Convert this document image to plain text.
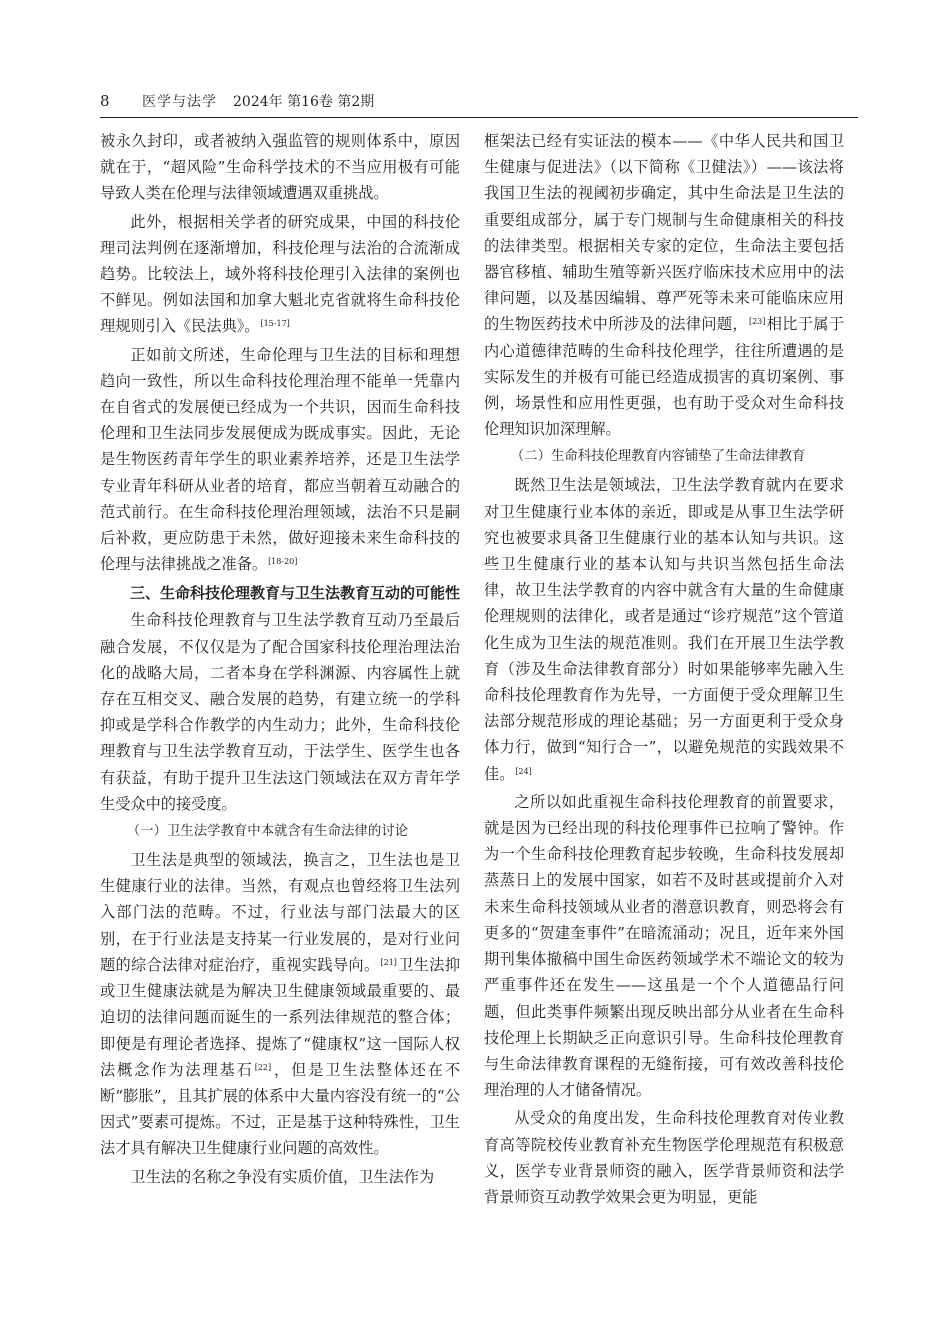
8 医学与法学 2024年 第16卷 第2期

被永久封印，或者被纳入强监管的规则体系中，原因就在于，“超风险”生命科学技术的不当应用极有可能导致人类在伦理与法律领域遭遇双重挑战。

此外，根据相关学者的研究成果，中国的科技伦理司法判例在逐渐增加，科技伦理与法治的合流渐成趋势。比较法上，域外将科技伦理引入法律的案例也不鲜见。例如法国和加拿大魁北克省就将生命科技伦理规则引入《民法典》。[15-17]

正如前文所述，生命伦理与卫生法的目标和理想趋向一致性，所以生命科技伦理治理不能单一凭靠内在自省式的发展便已经成为一个共识，因而生命科技伦理和卫生法同步发展便成为既成事实。因此，无论是生物医药青年学生的职业素养培养，还是卫生法学专业青年科研从业者的培育，都应当朝着互动融合的范式前行。在生命科技伦理治理领域，法治不只是嗣后补救，更应防患于未然，做好迎接未来生命科技的伦理与法律挑战之准备。[18-20]

三、生命科技伦理教育与卫生法教育互动的可能性

生命科技伦理教育与卫生法学教育互动乃至最后融合发展，不仅仅是为了配合国家科技伦理治理法治化的战略大局，二者本身在学科渊源、内容属性上就存在互相交叉、融合发展的趋势，有建立统一的学科抑或是学科合作教学的内生动力；此外，生命科技伦理教育与卫生法学教育互动，于法学生、医学生也各有获益，有助于提升卫生法这门领域法在双方青年学生受众中的接受度。

（一）卫生法学教育中本就含有生命法律的讨论

卫生法是典型的领域法，换言之，卫生法也是卫生健康行业的法律。当然，有观点也曾经将卫生法列入部门法的范畴。不过，行业法与部门法最大的区别，在于行业法是支持某一行业发展的，是对行业问题的综合法律对症治疗，重视实践导向。[21]卫生法抑或卫生健康法就是为解决卫生健康领域最重要的、最迫切的法律问题而诞生的一系列法律规范的整合体；即便是有理论者选择、提炼了“健康权”这一国际人权法概念作为法理基石[22]，但是卫生法整体还在不断“膨胀”，且其扩展的体系中大量内容没有统一的“公因式”要素可提炼。不过，正是基于这种特殊性，卫生法才具有解决卫生健康行业问题的高效性。

卫生法的名称之争没有实质价值，卫生法作为

框架法已经有实证法的模本——《中华人民共和国卫生健康与促进法》（以下简称《卫健法》）——该法将我国卫生法的视阈初步确定，其中生命法是卫生法的重要组成部分，属于专门规制与生命健康相关的科技的法律类型。根据相关专家的定位，生命法主要包括器官移植、辅助生殖等新兴医疗临床技术应用中的法律问题，以及基因编辑、尊严死等未来可能临床应用的生物医药技术中所涉及的法律问题，[23]相比于属于内心道德律范畴的生命科技伦理学，往往所遭遇的是实际发生的并极有可能已经造成损害的真切案例、事例，场景性和应用性更强，也有助于受众对生命科技伦理知识加深理解。

（二）生命科技伦理教育内容铺垫了生命法律教育

既然卫生法是领域法，卫生法学教育就内在要求对卫生健康行业本体的亲近，即或是从事卫生法学研究也被要求具备卫生健康行业的基本认知与共识。这些卫生健康行业的基本认知与共识当然包括生命法律，故卫生法学教育的内容中就含有大量的生命健康伦理规则的法律化，或者是通过“诊疗规范”这个管道化生成为卫生法的规范准则。我们在开展卫生法学教育（涉及生命法律教育部分）时如果能够率先融入生命科技伦理教育作为先导，一方面便于受众理解卫生法部分规范形成的理论基础；另一方面更利于受众身体力行，做到“知行合一”，以避免规范的实践效果不佳。[24]

之所以如此重视生命科技伦理教育的前置要求，就是因为已经出现的科技伦理事件已拉响了警钟。作为一个生命科技伦理教育起步较晚，生命科技发展却蒸蒸日上的发展中国家，如若不及时甚或提前介入对未来生命科技领域从业者的潜意识教育，则恐将会有更多的“贺建奎事件”在暗流涌动；况且，近年来外国期刊集体撤稿中国生命医药领域学术不端论文的较为严重事件还在发生——这虽是一个个人道德品行问题，但此类事件频繁出现反映出部分从业者在生命科技伦理上长期缺乏正向意识引导。生命科技伦理教育与生命法律教育课程的无缝衔接，可有效改善科技伦理治理的人才储备情况。

从受众的角度出发，生命科技伦理教育对传业教育高等院校传业教育补充生物医学伦理规范有积极意义，医学专业背景师资的融入，医学背景师资和法学背景师资互动教学效果会更为明显，更能
